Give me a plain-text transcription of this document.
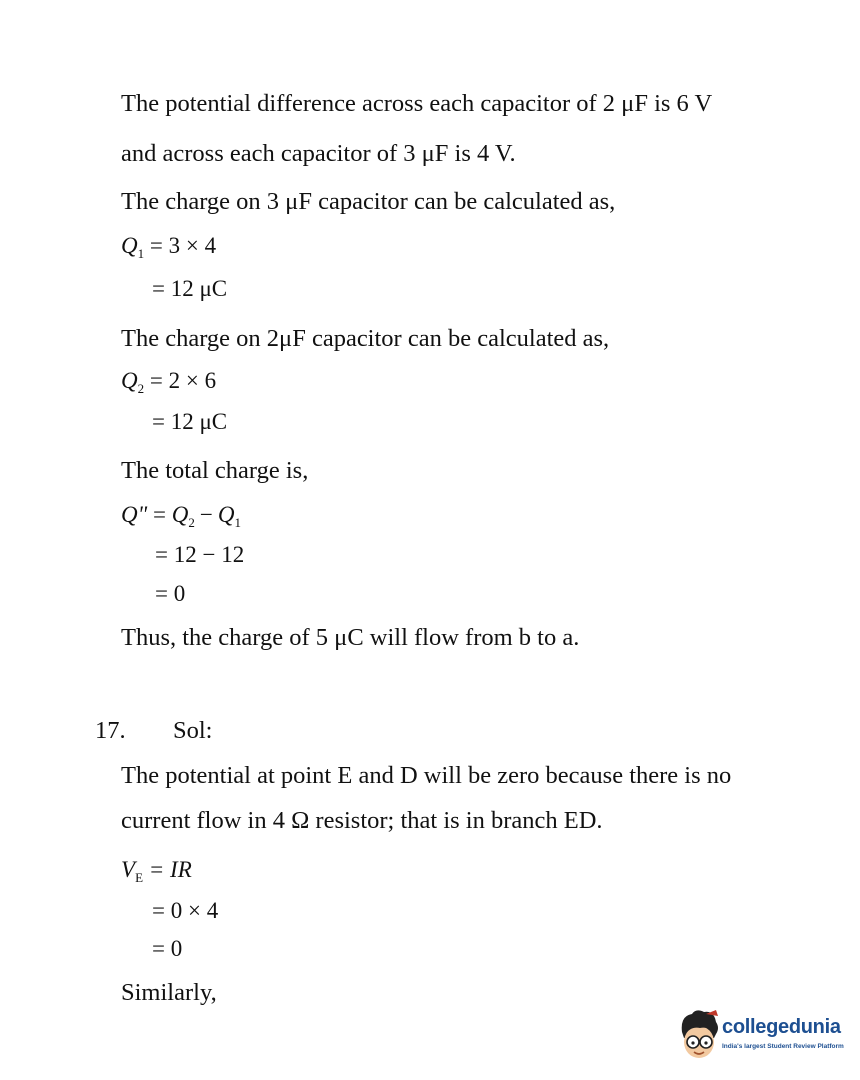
The potential difference across each capacitor of 2 μF is 6 V
and across each capacitor of 3 μF is 4 V.
The charge on 3 μF capacitor can be calculated as,
$Q_1 = 3 \times 4$
= 12 μC
The charge on 2μF capacitor can be calculated as,
$Q_2 = 2 \times 6$
= 12 μC
The total charge is,
Q" = $Q_2 - Q_1$
= 12 − 12
= 0
Thus, the charge of 5 μC will flow from b to a.
17. Sol:
The potential at point E and D will be zero because there is no
current flow in 4 Ω resistor; that is in branch ED.
$V_E$ = IR
= 0 × 4
= 0
Similarly,
collegedunia
India's largest Student Review Platform
